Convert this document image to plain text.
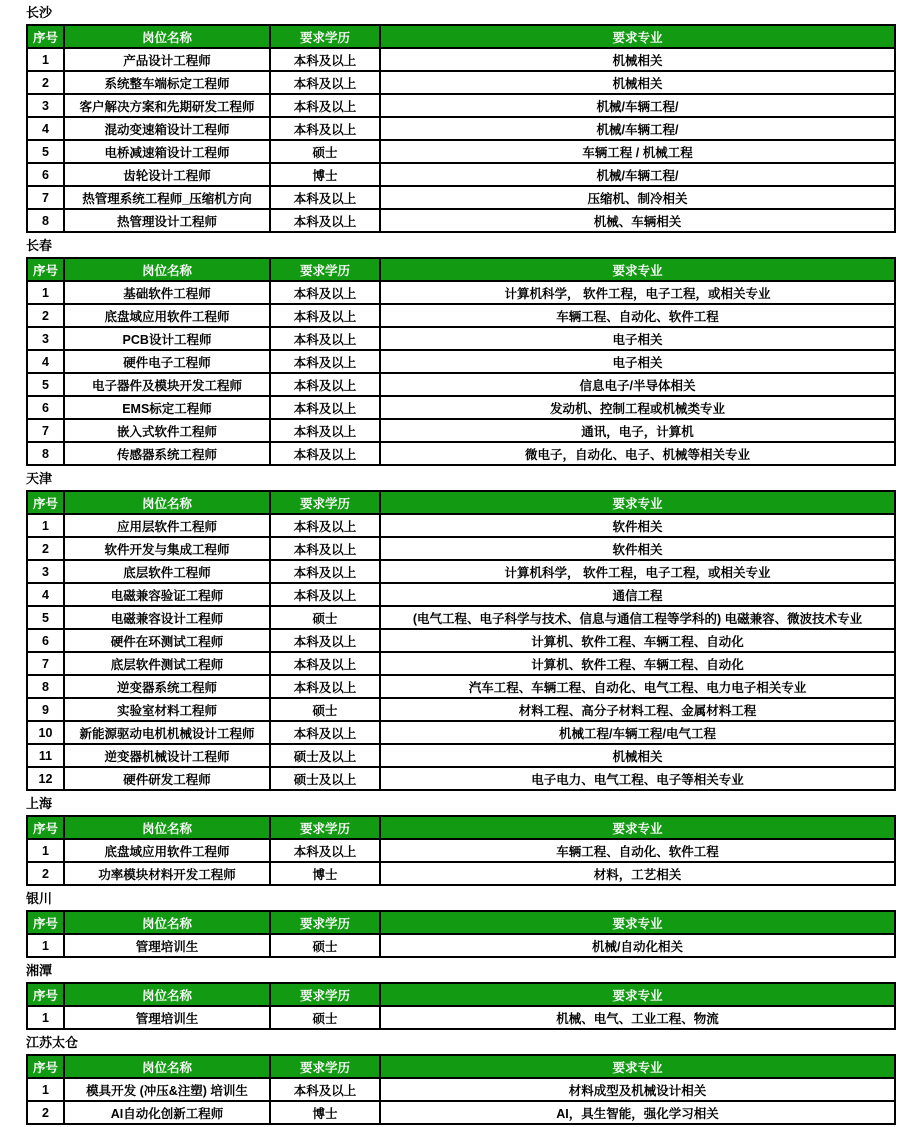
长沙
序号	岗位名称	要求学历	要求专业
1	产品设计工程师	本科及以上	机械相关
2	系统整车端标定工程师	本科及以上	机械相关
3	客户解决方案和先期研发工程师	本科及以上	机械/车辆工程/
4	混动变速箱设计工程师	本科及以上	机械/车辆工程/
5	电桥减速箱设计工程师	硕士	车辆工程 / 机械工程
6	齿轮设计工程师	博士	机械/车辆工程/
7	热管理系统工程师_压缩机方向	本科及以上	压缩机、制冷相关
8	热管理设计工程师	本科及以上	机械、车辆相关
长春
序号	岗位名称	要求学历	要求专业
1	基础软件工程师	本科及以上	计算机科学， 软件工程，电子工程，或相关专业
2	底盘域应用软件工程师	本科及以上	车辆工程、自动化、软件工程
3	PCB设计工程师	本科及以上	电子相关
4	硬件电子工程师	本科及以上	电子相关
5	电子器件及模块开发工程师	本科及以上	信息电子/半导体相关
6	EMS标定工程师	本科及以上	发动机、控制工程或机械类专业
7	嵌入式软件工程师	本科及以上	通讯，电子，计算机
8	传感器系统工程师	本科及以上	微电子，自动化、电子、机械等相关专业
天津
序号	岗位名称	要求学历	要求专业
1	应用层软件工程师	本科及以上	软件相关
2	软件开发与集成工程师	本科及以上	软件相关
3	底层软件工程师	本科及以上	计算机科学， 软件工程，电子工程，或相关专业
4	电磁兼容验证工程师	本科及以上	通信工程
5	电磁兼容设计工程师	硕士	(电气工程、电子科学与技术、信息与通信工程等学科的) 电磁兼容、微波技术专业
6	硬件在环测试工程师	本科及以上	计算机、软件工程、车辆工程、自动化
7	底层软件测试工程师	本科及以上	计算机、软件工程、车辆工程、自动化
8	逆变器系统工程师	本科及以上	汽车工程、车辆工程、自动化、电气工程、电力电子相关专业
9	实验室材料工程师	硕士	材料工程、高分子材料工程、金属材料工程
10	新能源驱动电机机械设计工程师	本科及以上	机械工程/车辆工程/电气工程
11	逆变器机械设计工程师	硕士及以上	机械相关
12	硬件研发工程师	硕士及以上	电子电力、电气工程、电子等相关专业
上海
序号	岗位名称	要求学历	要求专业
1	底盘域应用软件工程师	本科及以上	车辆工程、自动化、软件工程
2	功率模块材料开发工程师	博士	材料，工艺相关
银川
序号	岗位名称	要求学历	要求专业
1	管理培训生	硕士	机械/自动化相关
湘潭
序号	岗位名称	要求学历	要求专业
1	管理培训生	硕士	机械、电气、工业工程、物流
江苏太仓
序号	岗位名称	要求学历	要求专业
1	模具开发 (冲压&注塑) 培训生	本科及以上	材料成型及机械设计相关
2	AI自动化创新工程师	博士	AI，具生智能，强化学习相关
